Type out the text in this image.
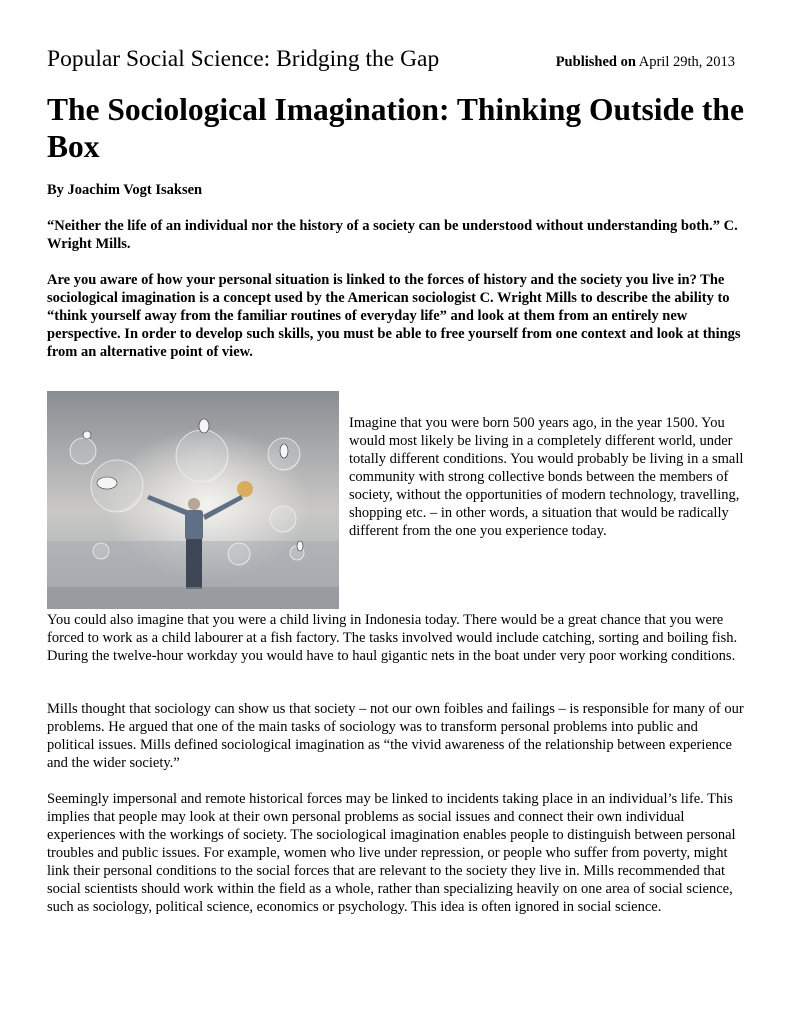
Popular Social Science: Bridging the Gap	Published on April 29th, 2013
The Sociological Imagination: Thinking Outside the Box
By Joachim Vogt Isaksen
“Neither the life of an individual nor the history of a society can be understood without understanding both.” C. Wright Mills.
Are you aware of how your personal situation is linked to the forces of history and the society you live in? The sociological imagination is a concept used by the American sociologist C. Wright Mills to describe the ability to “think yourself away from the familiar routines of everyday life” and look at them from an entirely new perspective. In order to develop such skills, you must be able to free yourself from one context and look at things from an alternative point of view.
Imagine that you were born 500 years ago, in the year 1500. You would most likely be living in a completely different world, under totally different conditions. You would probably be living in a small community with strong collective bonds between the members of society, without the opportunities of modern technology, travelling, shopping etc. – in other words, a situation that would be radically different from the one you experience today.
You could also imagine that you were a child living in Indonesia today. There would be a great chance that you were forced to work as a child labourer at a fish factory. The tasks involved would include catching, sorting and boiling fish. During the twelve-hour workday you would have to haul gigantic nets in the boat under very poor working conditions.
Mills thought that sociology can show us that society – not our own foibles and failings – is responsible for many of our problems. He argued that one of the main tasks of sociology was to transform personal problems into public and political issues. Mills defined sociological imagination as “the vivid awareness of the relationship between experience and the wider society.”
Seemingly impersonal and remote historical forces may be linked to incidents taking place in an individual’s life. This implies that people may look at their own personal problems as social issues and connect their own individual experiences with the workings of society. The sociological imagination enables people to distinguish between personal troubles and public issues. For example, women who live under repression, or people who suffer from poverty, might link their personal conditions to the social forces that are relevant to the society they live in. Mills recommended that social scientists should work within the field as a whole, rather than specializing heavily on one area of social science, such as sociology, political science, economics or psychology. This idea is often ignored in social science.
